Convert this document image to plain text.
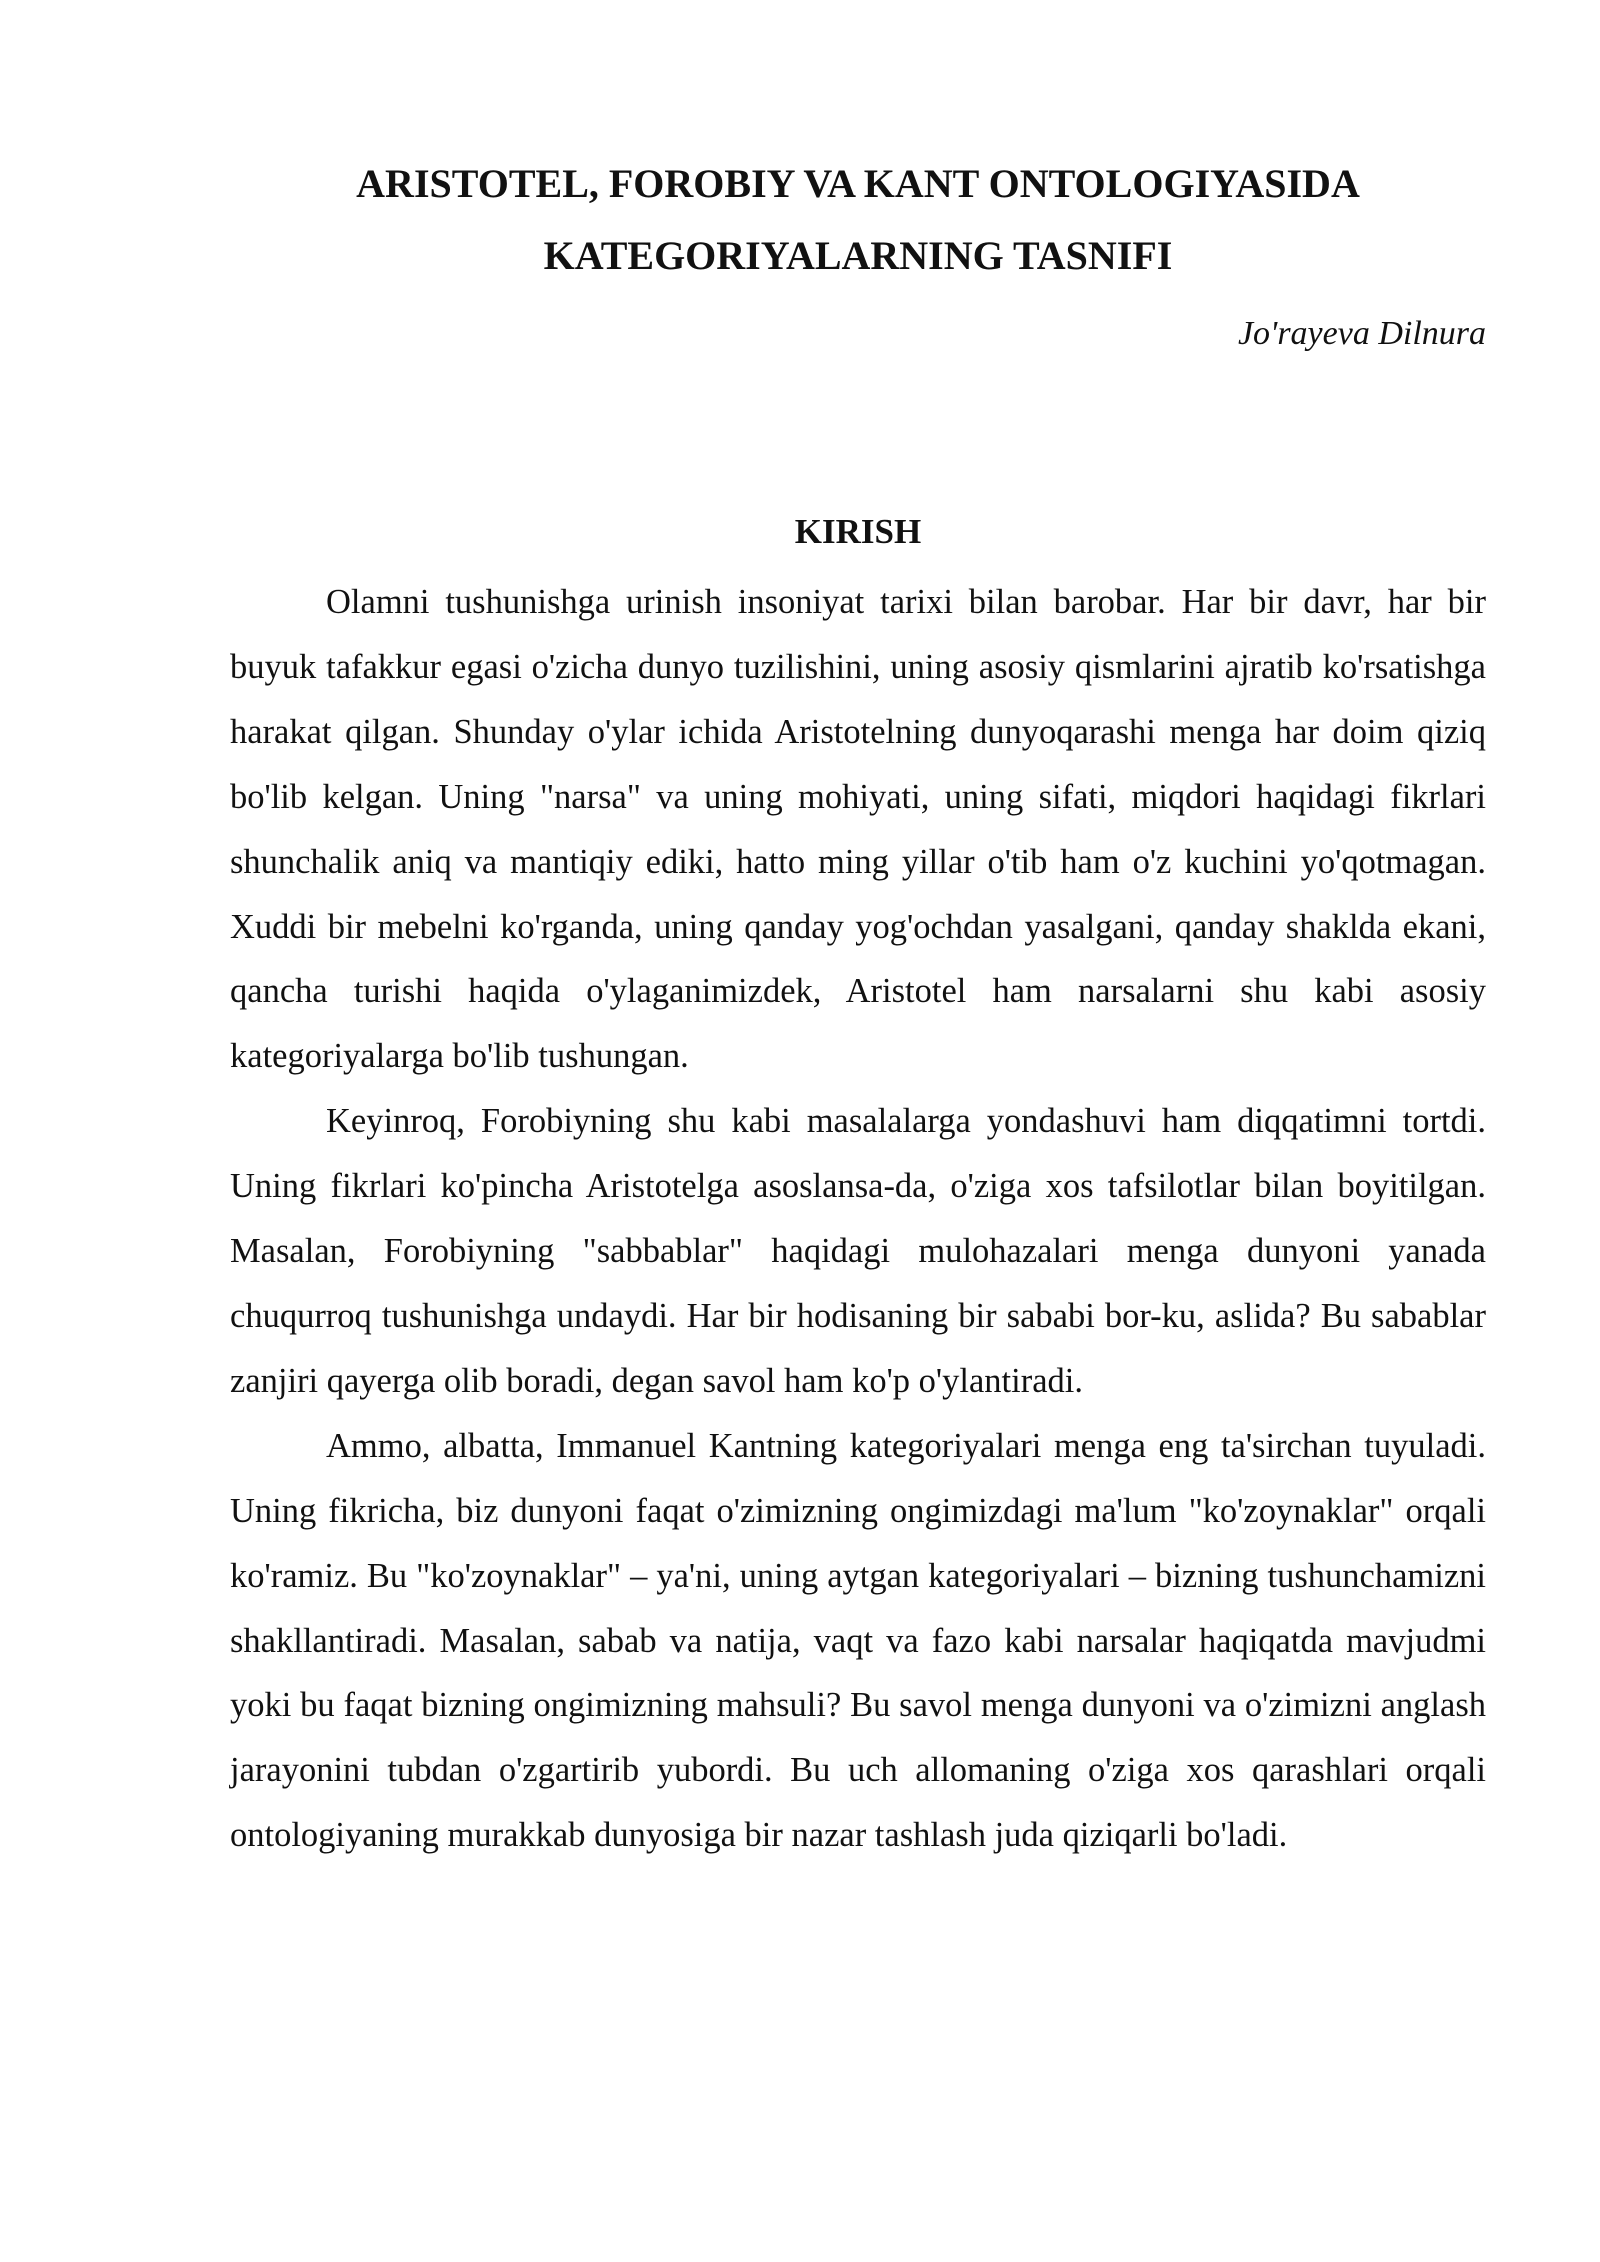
ARISTOTEL, FOROBIY VA KANT ONTOLOGIYASIDA
KATEGORIYALARNING TASNIFI

Jo'rayeva Dilnura

KIRISH

Olamni tushunishga urinish insoniyat tarixi bilan barobar. Har bir davr, har bir buyuk tafakkur egasi o'zicha dunyo tuzilishini, uning asosiy qismlarini ajratib ko'rsatishga harakat qilgan. Shunday o'ylar ichida Aristotelning dunyoqarashi menga har doim qiziq bo'lib kelgan. Uning "narsa" va uning mohiyati, uning sifati, miqdori haqidagi fikrlari shunchalik aniq va mantiqiy ediki, hatto ming yillar o'tib ham o'z kuchini yo'qotmagan. Xuddi bir mebelni ko'rganda, uning qanday yog'ochdan yasalgani, qanday shaklda ekani, qancha turishi haqida o'ylaganimizdek, Aristotel ham narsalarni shu kabi asosiy kategoriyalarga bo'lib tushungan.

Keyinroq, Forobiyning shu kabi masalalarga yondashuvi ham diqqatimni tortdi. Uning fikrlari ko'pincha Aristotelga asoslansa-da, o'ziga xos tafsilotlar bilan boyitilgan. Masalan, Forobiyning "sabbablar" haqidagi mulohazalari menga dunyoni yanada chuqurroq tushunishga undaydi. Har bir hodisaning bir sababi bor-ku, aslida? Bu sabablar zanjiri qayerga olib boradi, degan savol ham ko'p o'ylantiradi.

Ammo, albatta, Immanuel Kantning kategoriyalari menga eng ta'sirchan tuyuladi. Uning fikricha, biz dunyoni faqat o'zimizning ongimizdagi ma'lum "ko'zoynaklar" orqali ko'ramiz. Bu "ko'zoynaklar" – ya'ni, uning aytgan kategoriyalari – bizning tushunchamizni shakllantiradi. Masalan, sabab va natija, vaqt va fazo kabi narsalar haqiqatda mavjudmi yoki bu faqat bizning ongimizning mahsuli? Bu savol menga dunyoni va o'zimizni anglash jarayonini tubdan o'zgartirib yubordi. Bu uch allomaning o'ziga xos qarashlari orqali ontologiyaning murakkab dunyosiga bir nazar tashlash juda qiziqarli bo'ladi.
